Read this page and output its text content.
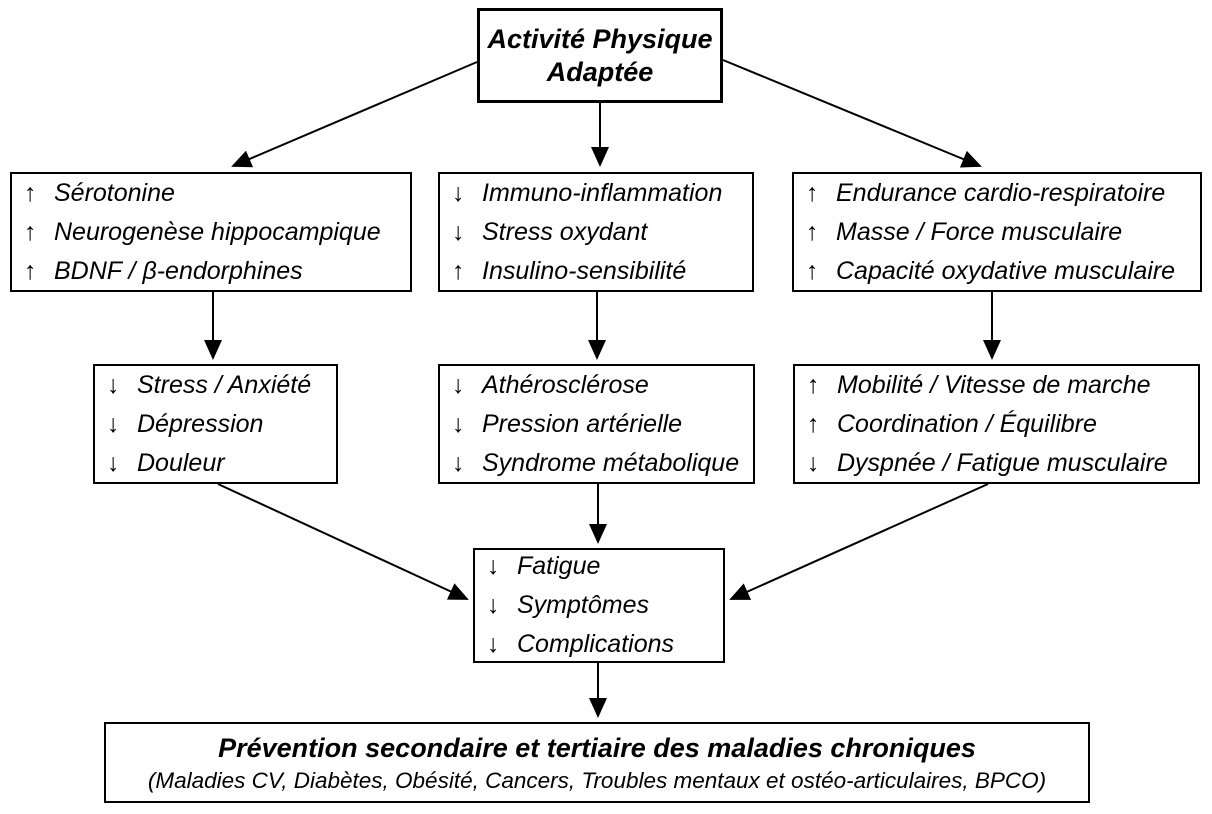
Activité Physique
Adaptée
↑ Sérotonine
↑ Neurogenèse hippocampique
↑ BDNF / β-endorphines
↓ Immuno-inflammation
↓ Stress oxydant
↑ Insulino-sensibilité
↑ Endurance cardio-respiratoire
↑ Masse / Force musculaire
↑ Capacité oxydative musculaire
↓ Stress / Anxiété
↓ Dépression
↓ Douleur
↓ Athérosclérose
↓ Pression artérielle
↓ Syndrome métabolique
↑ Mobilité / Vitesse de marche
↑ Coordination / Équilibre
↓ Dyspnée / Fatigue musculaire
↓ Fatigue
↓ Symptômes
↓ Complications
Prévention secondaire et tertiaire des maladies chroniques
(Maladies CV, Diabètes, Obésité, Cancers, Troubles mentaux et ostéo-articulaires, BPCO)
